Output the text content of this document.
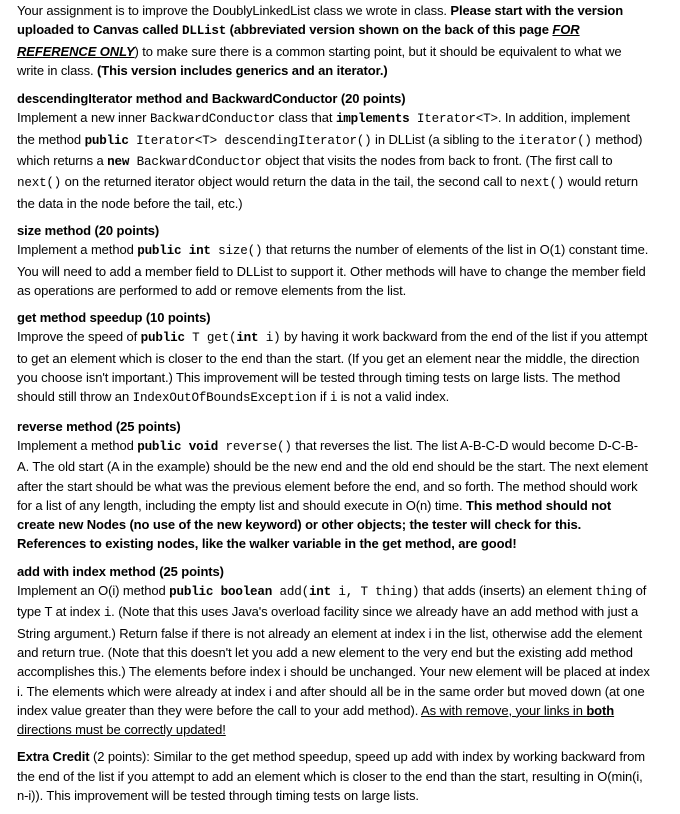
Your assignment is to improve the DoublyLinkedList class we wrote in class. Please start with the version uploaded to Canvas called DLList (abbreviated version shown on the back of this page FOR REFERENCE ONLY) to make sure there is a common starting point, but it should be equivalent to what we write in class. (This version includes generics and an iterator.)

descendingIterator method and BackwardConductor (20 points)

Implement a new inner BackwardConductor class that implements Iterator<T>. In addition, implement the method public Iterator<T> descendingIterator() in DLList (a sibling to the iterator() method) which returns a new BackwardConductor object that visits the nodes from back to front. (The first call to next() on the returned iterator object would return the data in the tail, the second call to next() would return the data in the node before the tail, etc.)

size method (20 points)

Implement a method public int size() that returns the number of elements of the list in O(1) constant time. You will need to add a member field to DLList to support it. Other methods will have to change the member field as operations are performed to add or remove elements from the list.

get method speedup (10 points)

Improve the speed of public T get(int i) by having it work backward from the end of the list if you attempt to get an element which is closer to the end than the start. (If you get an element near the middle, the direction you choose isn't important.) This improvement will be tested through timing tests on large lists. The method should still throw an IndexOutOfBoundsException if i is not a valid index.

reverse method (25 points)

Implement a method public void reverse() that reverses the list. The list A-B-C-D would become D-C-B-A. The old start (A in the example) should be the new end and the old end should be the start. The next element after the start should be what was the previous element before the end, and so forth. The method should work for a list of any length, including the empty list and should execute in O(n) time. This method should not create new Nodes (no use of the new keyword) or other objects; the tester will check for this. References to existing nodes, like the walker variable in the get method, are good!

add with index method (25 points)

Implement an O(i) method public boolean add(int i, T thing) that adds (inserts) an element thing of type T at index i. (Note that this uses Java's overload facility since we already have an add method with just a String argument.) Return false if there is not already an element at index i in the list, otherwise add the element and return true. (Note that this doesn't let you add a new element to the very end but the existing add method accomplishes this.) The elements before index i should be unchanged. Your new element will be placed at index i. The elements which were already at index i and after should all be in the same order but moved down (at one index value greater than they were before the call to your add method). As with remove, your links in both directions must be correctly updated!

Extra Credit (2 points): Similar to the get method speedup, speed up add with index by working backward from the end of the list if you attempt to add an element which is closer to the end than the start, resulting in O(min(i, n-i)). This improvement will be tested through timing tests on large lists.
